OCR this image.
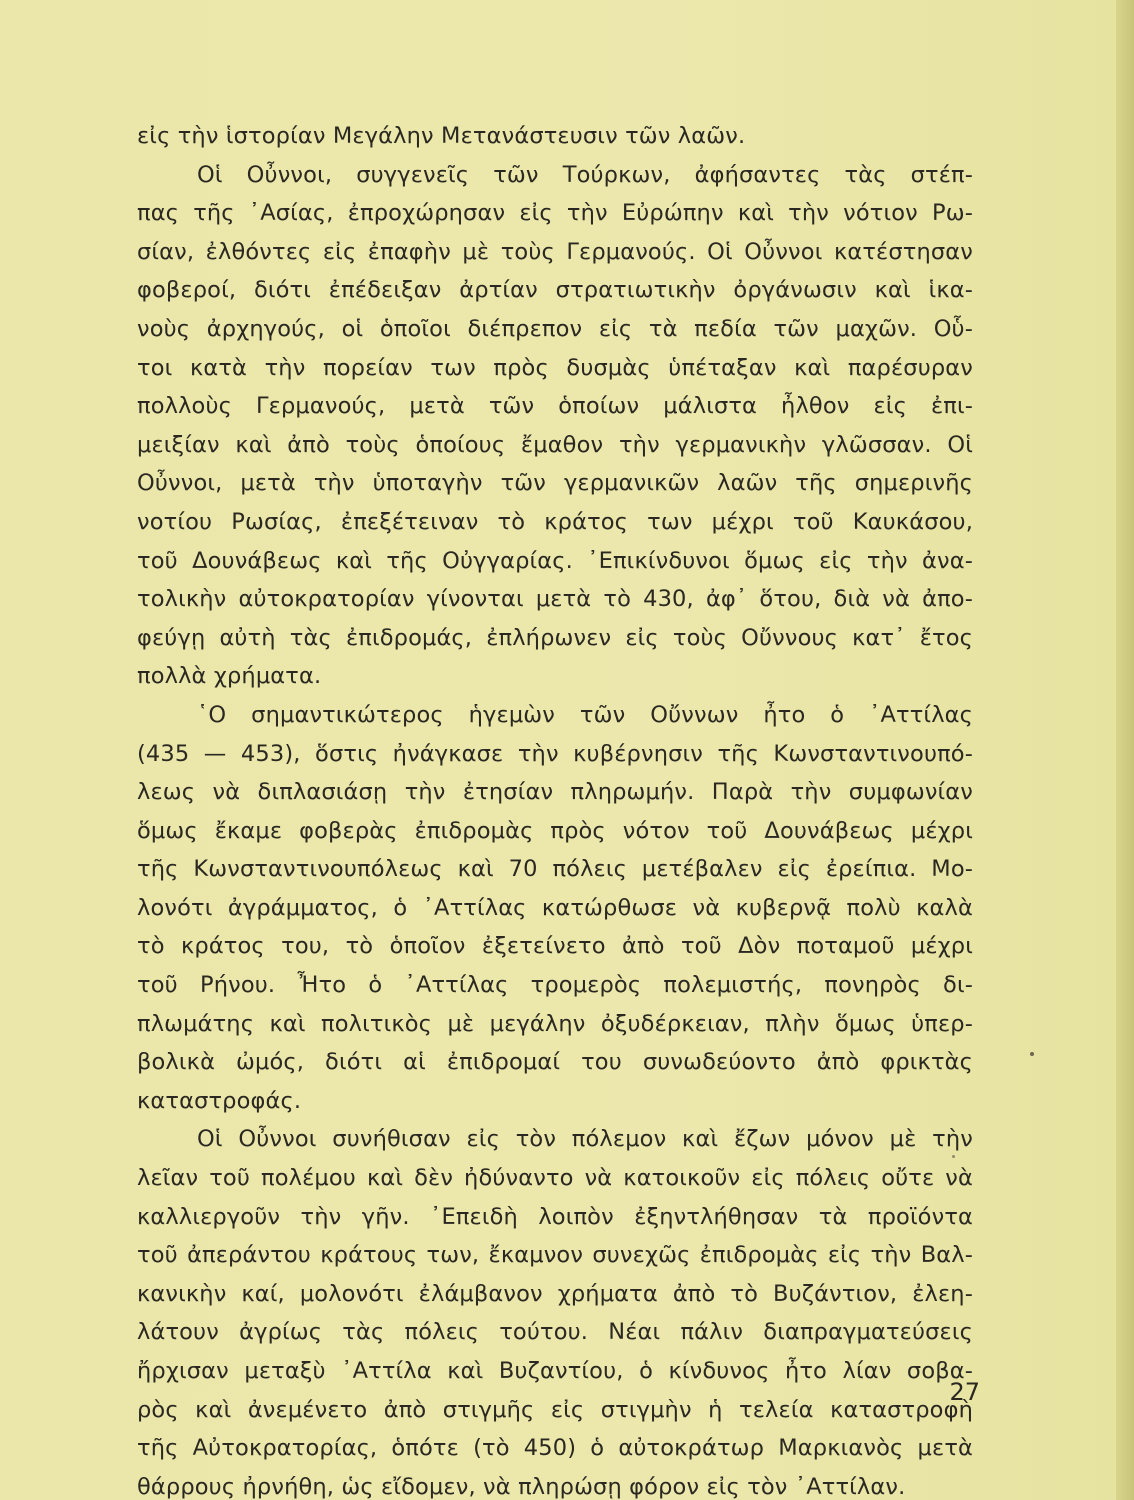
εἰς τὴν ἱστορίαν Μεγάλην Μετανάστευσιν τῶν λαῶν.
Οἱ Οὖννοι, συγγενεῖς τῶν Τούρκων, ἀφήσαντες τὰς στέπ-
πας τῆς ᾿Ασίας, ἐπροχώρησαν εἰς τὴν Εὐρώπην καὶ τὴν νότιον Ρω-
σίαν, ἐλθόντες εἰς ἐπαφὴν μὲ τοὺς Γερμανούς. Οἱ Οὖννοι κατέστησαν
φοβεροί, διότι ἐπέδειξαν ἀρτίαν στρατιωτικὴν ὀργάνωσιν καὶ ἱκα-
νοὺς ἀρχηγούς, οἱ ὁποῖοι διέπρεπον εἰς τὰ πεδία τῶν μαχῶν. Οὗ-
τοι κατὰ τὴν πορείαν των πρὸς δυσμὰς ὑπέταξαν καὶ παρέσυραν
πολλοὺς Γερμανούς, μετὰ τῶν ὁποίων μάλιστα ἦλθον εἰς ἐπι-
μειξίαν καὶ ἀπὸ τοὺς ὁποίους ἔμαθον τὴν γερμανικὴν γλῶσσαν. Οἱ
Οὖννοι, μετὰ τὴν ὑποταγὴν τῶν γερμανικῶν λαῶν τῆς σημερινῆς
νοτίου Ρωσίας, ἐπεξέτειναν τὸ κράτος των μέχρι τοῦ Καυκάσου,
τοῦ Δουνάβεως καὶ τῆς Οὐγγαρίας. ᾿Επικίνδυνοι ὅμως εἰς τὴν ἀνα-
τολικὴν αὐτοκρατορίαν γίνονται μετὰ τὸ 430, ἀφ᾿ ὅτου, διὰ νὰ ἀπο-
φεύγῃ αὐτὴ τὰς ἐπιδρομάς, ἐπλήρωνεν εἰς τοὺς Οὔννους κατ᾿ ἔτος
πολλὰ χρήματα.
῾Ο σημαντικώτερος ἡγεμὼν τῶν Οὔννων ἦτο ὁ ᾿Αττίλας
(435 — 453), ὅστις ἠνάγκασε τὴν κυβέρνησιν τῆς Κωνσταντινουπό-
λεως νὰ διπλασιάσῃ τὴν ἐτησίαν πληρωμήν. Παρὰ τὴν συμφωνίαν
ὅμως ἔκαμε φοβερὰς ἐπιδρομὰς πρὸς νότον τοῦ Δουνάβεως μέχρι
τῆς Κωνσταντινουπόλεως καὶ 70 πόλεις μετέβαλεν εἰς ἐρείπια. Μο-
λονότι ἀγράμματος, ὁ ᾿Αττίλας κατώρθωσε νὰ κυβερνᾷ πολὺ καλὰ
τὸ κράτος του, τὸ ὁποῖον ἐξετείνετο ἀπὸ τοῦ Δὸν ποταμοῦ μέχρι
τοῦ Ρήνου. Ἦτο ὁ ᾿Αττίλας τρομερὸς πολεμιστής, πονηρὸς δι-
πλωμάτης καὶ πολιτικὸς μὲ μεγάλην ὀξυδέρκειαν, πλὴν ὅμως ὑπερ-
βολικὰ ὠμός, διότι αἱ ἐπιδρομαί του συνωδεύοντο ἀπὸ φρικτὰς
καταστροφάς.
Οἱ Οὖννοι συνήθισαν εἰς τὸν πόλεμον καὶ ἔζων μόνον μὲ τὴν
λεῖαν τοῦ πολέμου καὶ δὲν ἠδύναντο νὰ κατοικοῦν εἰς πόλεις οὔτε νὰ
καλλιεργοῦν τὴν γῆν. ᾿Επειδὴ λοιπὸν ἐξηντλήθησαν τὰ προϊόντα
τοῦ ἀπεράντου κράτους των, ἔκαμνον συνεχῶς ἐπιδρομὰς εἰς τὴν Βαλ-
κανικὴν καί, μολονότι ἐλάμβανον χρήματα ἀπὸ τὸ Βυζάντιον, ἐλεη-
λάτουν ἀγρίως τὰς πόλεις τούτου. Νέαι πάλιν διαπραγματεύσεις
ἤρχισαν μεταξὺ ᾿Αττίλα καὶ Βυζαντίου, ὁ κίνδυνος ἦτο λίαν σοβα-
ρὸς καὶ ἀνεμένετο ἀπὸ στιγμῆς εἰς στιγμὴν ἡ τελεία καταστροφὴ
τῆς Αὐτοκρατορίας, ὁπότε (τὸ 450) ὁ αὐτοκράτωρ Μαρκιανὸς μετὰ
θάρρους ἠρνήθη, ὡς εἴδομεν, νὰ πληρώσῃ φόρον εἰς τὸν ᾿Αττίλαν.
27
